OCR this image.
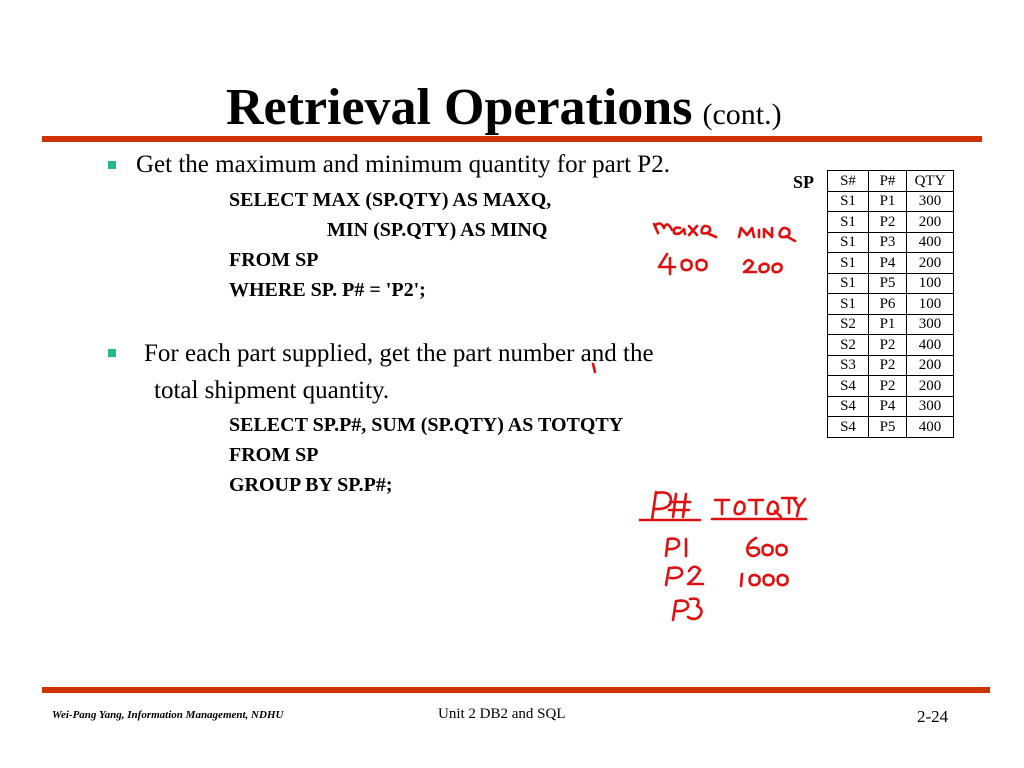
Retrieval Operations (cont.)
Get the maximum and minimum quantity for part P2.
SELECT MAX (SP.QTY) AS MAXQ,
MIN (SP.QTY) AS MINQ
FROM SP
WHERE SP. P# = 'P2';
For each part supplied, get the part number and the
total shipment quantity.
SELECT SP.P#, SUM (SP.QTY) AS TOTQTY
FROM SP
GROUP BY SP.P#;
SP S#	P#	QTY
S1	P1	300
S1	P2	200
S1	P3	400
S1	P4	200
S1	P5	100
S1	P6	100
S2	P1	300
S2	P2	400
S3	P2	200
S4	P2	200
S4	P4	300
S4	P5	400
Wei-Pang Yang, Information Management, NDHU	Unit 2 DB2 and SQL	2-24
